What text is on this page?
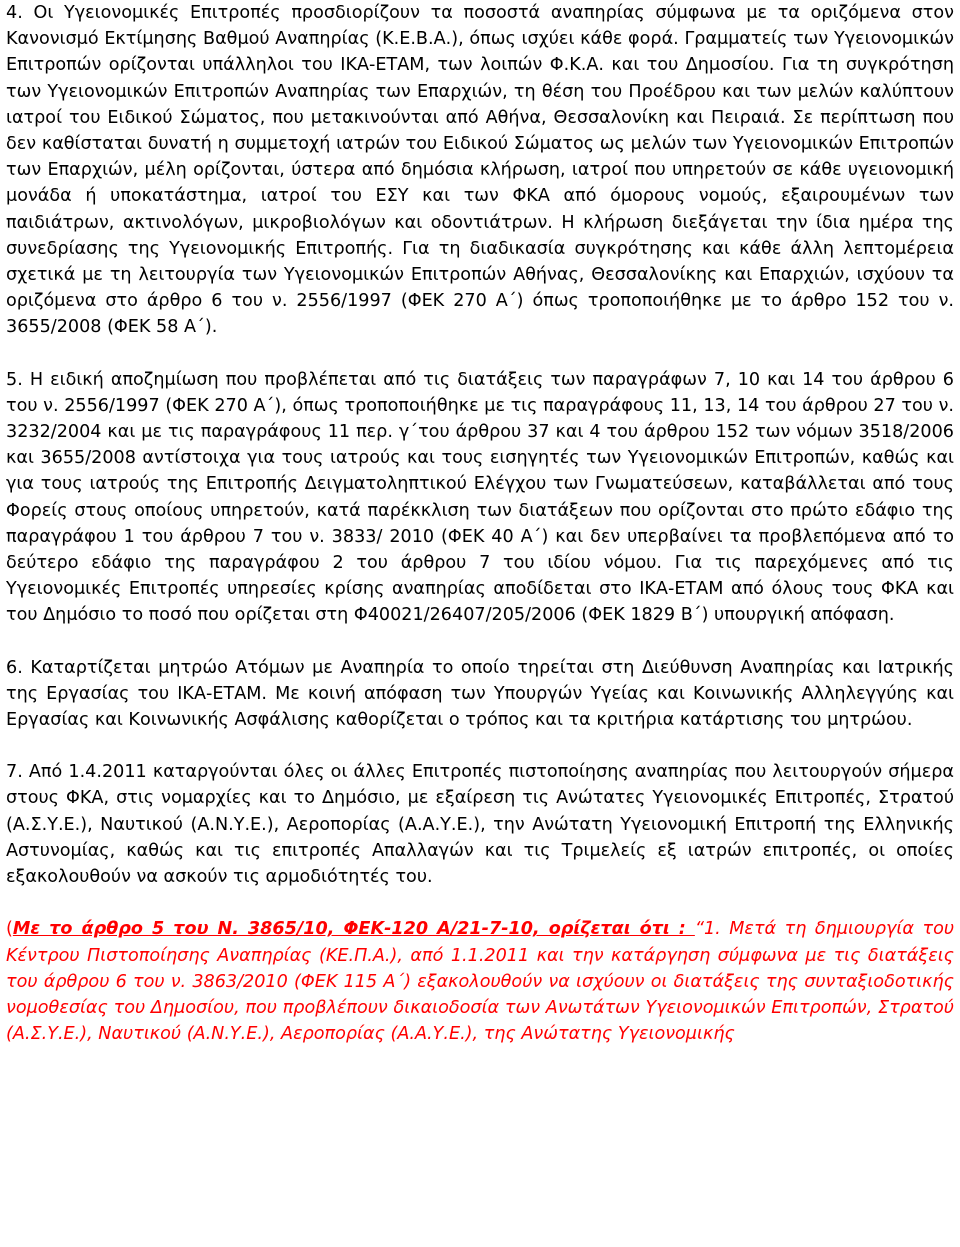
4. Οι Υγειονομικές Επιτροπές προσδιορίζουν τα ποσοστά αναπηρίας σύμφωνα με τα οριζόμενα στον Κανονισμό Εκτίμησης Βαθμού Αναπηρίας (Κ.Ε.Β.Α.), όπως ισχύει κάθε φορά. Γραμματείς των Υγειονομικών Επιτροπών ορίζονται υπάλληλοι του ΙΚΑ-ΕΤΑΜ, των λοιπών Φ.Κ.Α. και του Δημοσίου. Για τη συγκρότηση των Υγειονομικών Επιτροπών Αναπηρίας των Επαρχιών, τη θέση του Προέδρου και των μελών καλύπτουν ιατροί του Ειδικού Σώματος, που μετακινούνται από Αθήνα, Θεσσαλονίκη και Πειραιά. Σε περίπτωση που δεν καθίσταται δυνατή η συμμετοχή ιατρών του Ειδικού Σώματος ως μελών των Υγειονομικών Επιτροπών των Επαρχιών, μέλη ορίζονται, ύστερα από δημόσια κλήρωση, ιατροί που υπηρετούν σε κάθε υγειονομική μονάδα ή υποκατάστημα, ιατροί του ΕΣΥ και των ΦΚΑ από όμορους νομούς, εξαιρουμένων των παιδιάτρων, ακτινολόγων, μικροβιολόγων και οδοντιάτρων. Η κλήρωση διεξάγεται την ίδια ημέρα της συνεδρίασης της Υγειονομικής Επιτροπής. Για τη διαδικασία συγκρότησης και κάθε άλλη λεπτομέρεια σχετικά με τη λειτουργία των Υγειονομικών Επιτροπών Αθήνας, Θεσσαλονίκης και Επαρχιών, ισχύουν τα οριζόμενα στο άρθρο 6 του ν. 2556/1997 (ΦΕΚ 270 Α΄) όπως τροποποιήθηκε με το άρθρο 152 του ν. 3655/2008 (ΦΕΚ 58 Α΄).

5. Η ειδική αποζημίωση που προβλέπεται από τις διατάξεις των παραγράφων 7, 10 και 14 του άρθρου 6 του ν. 2556/1997 (ΦΕΚ 270 Α΄), όπως τροποποιήθηκε με τις παραγράφους 11, 13, 14 του άρθρου 27 του ν. 3232/2004 και με τις παραγράφους 11 περ. γ΄του άρθρου 37 και 4 του άρθρου 152 των νόμων 3518/2006 και 3655/2008 αντίστοιχα για τους ιατρούς και τους εισηγητές των Υγειονομικών Επιτροπών, καθώς και για τους ιατρούς της Επιτροπής Δειγματοληπτικού Ελέγχου των Γνωματεύσεων, καταβάλλεται από τους Φορείς στους οποίους υπηρετούν, κατά παρέκκλιση των διατάξεων που ορίζονται στο πρώτο εδάφιο της παραγράφου 1 του άρθρου 7 του ν. 3833/ 2010 (ΦΕΚ 40 Α΄) και δεν υπερβαίνει τα προβλεπόμενα από το δεύτερο εδάφιο της παραγράφου 2 του άρθρου 7 του ιδίου νόμου. Για τις παρεχόμενες από τις Υγειονομικές Επιτροπές υπηρεσίες κρίσης αναπηρίας αποδίδεται στο ΙΚΑ-ΕΤΑΜ από όλους τους ΦΚΑ και του Δημόσιο το ποσό που ορίζεται στη Φ40021/26407/205/2006 (ΦΕΚ 1829 Β΄) υπουργική απόφαση.

6. Καταρτίζεται μητρώο Ατόμων με Αναπηρία το οποίο τηρείται στη Διεύθυνση Αναπηρίας και Ιατρικής της Εργασίας του ΙΚΑ-ΕΤΑΜ. Με κοινή απόφαση των Υπουργών Υγείας και Κοινωνικής Αλληλεγγύης και Εργασίας και Κοινωνικής Ασφάλισης καθορίζεται ο τρόπος και τα κριτήρια κατάρτισης του μητρώου.

7. Από 1.4.2011 καταργούνται όλες οι άλλες Επιτροπές πιστοποίησης αναπηρίας που λειτουργούν σήμερα στους ΦΚΑ, στις νομαρχίες και το Δημόσιο, με εξαίρεση τις Ανώτατες Υγειονομικές Επιτροπές, Στρατού (Α.Σ.Υ.Ε.), Ναυτικού (Α.Ν.Υ.Ε.), Αεροπορίας (Α.Α.Υ.Ε.), την Ανώτατη Υγειονομική Επιτροπή της Ελληνικής Αστυνομίας, καθώς και τις επιτροπές Απαλλαγών και τις Τριμελείς εξ ιατρών επιτροπές, οι οποίες εξακολουθούν να ασκούν τις αρμοδιότητές του.

(Με το άρθρο 5 του Ν. 3865/10, ΦΕΚ-120 Α/21-7-10, ορίζεται ότι : “1. Μετά τη δημιουργία του Κέντρου Πιστοποίησης Αναπηρίας (ΚΕ.Π.Α.), από 1.1.2011 και την κατάργηση σύμφωνα με τις διατάξεις του άρθρου 6 του ν. 3863/2010 (ΦΕΚ 115 Α΄) εξακολουθούν να ισχύουν οι διατάξεις της συνταξιοδοτικής νομοθεσίας του Δημοσίου, που προβλέπουν δικαιοδοσία των Ανωτάτων Υγειονομικών Επιτροπών, Στρατού (Α.Σ.Υ.Ε.), Ναυτικού (Α.Ν.Υ.Ε.), Αεροπορίας (Α.Α.Υ.Ε.), της Ανώτατης Υγειονομικής
